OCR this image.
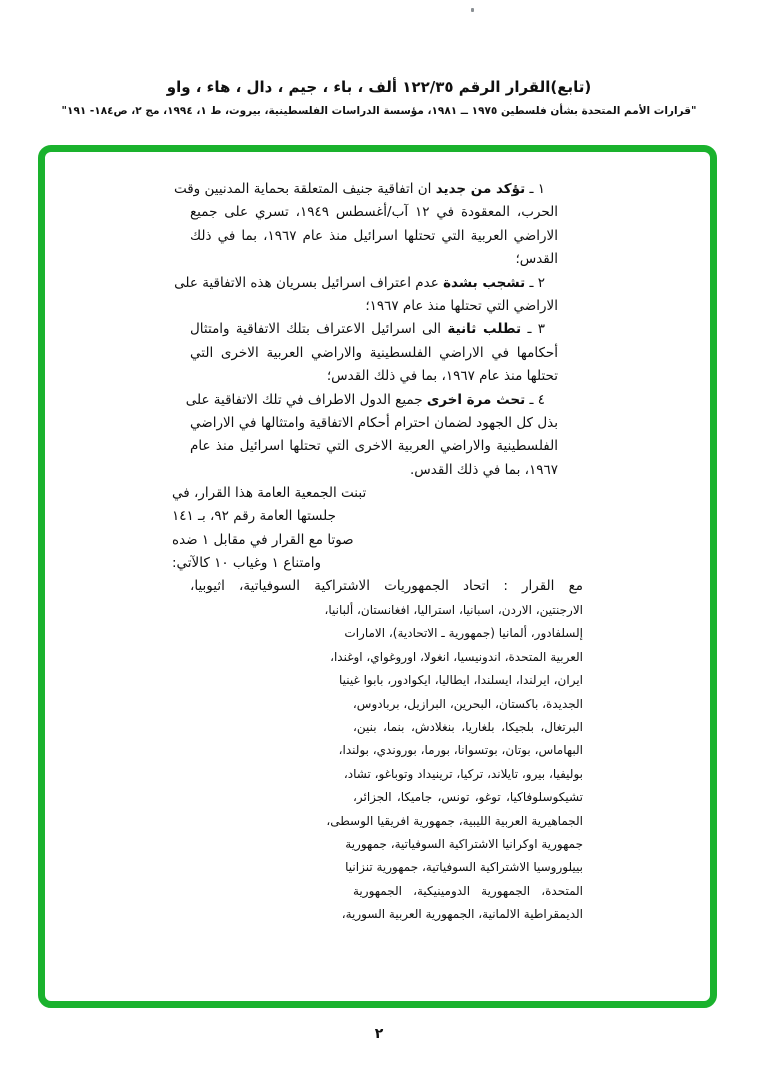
(تابع)القرار الرقم ١٢٢/٣٥ ألف ، باء ، جيم ، دال ، هاء ، واو
"قرارات الأمم المتحدة بشأن فلسطين ١٩٧٥ ــ ١٩٨١، مؤسسة الدراسات الفلسطينية، بيروت، ط ١، ١٩٩٤، مج ٢، ص١٨٤- ١٩١"
١ ـ تؤكد من جديد ان اتفاقية جنيف المتعلقة بحماية المدنيين وقت
الحرب، المعقودة في ١٢ آب/أغسطس ١٩٤٩، تسري على جميع
الاراضي العربية التي تحتلها اسرائيل منذ عام ١٩٦٧، بما في ذلك
القدس؛
٢ ـ تشجب بشدة عدم اعتراف اسرائيل بسريان هذه الاتفاقية على
الاراضي التي تحتلها منذ عام ١٩٦٧؛
٣ ـ تطلب ثانية الى اسرائيل الاعتراف بتلك الاتفاقية وامتثال
أحكامها في الاراضي الفلسطينية والاراضي العربية الاخرى التي
تحتلها منذ عام ١٩٦٧، بما في ذلك القدس؛
٤ ـ تحث مرة اخرى جميع الدول الاطراف في تلك الاتفاقية على
بذل كل الجهود لضمان احترام أحكام الاتفاقية وامتثالها في الاراضي
الفلسطينية والاراضي العربية الاخرى التي تحتلها اسرائيل منذ عام
١٩٦٧، بما في ذلك القدس.
تبنت الجمعية العامة هذا القرار، في
جلستها العامة رقم ٩٢، بـ ١٤١
صوتا مع القرار في مقابل ١ ضده
وامتناع ١ وغياب ١٠ كالآتي:
مع القرار:اتحاد الجمهوريات الاشتراكية السوفياتية، اثيوبيا،
الارجنتين، الاردن، اسبانيا، استراليا، افغانستان، ألبانيا،
إلسلفادور، ألمانيا (جمهورية ـ الاتحادية)، الامارات
العربية المتحدة، اندونيسيا، انغولا، اوروغواي، اوغندا،
ايران، ايرلندا، ايسلندا، ايطاليا، ايكوادور، بابوا غينيا
الجديدة، باكستان، البحرين، البرازيل، بربادوس،
البرتغال، بلجيكا، بلغاريا، بنغلادش، بنما، بنين،
البهاماس، بوتان، بوتسوانا، بورما، بوروندي، بولندا،
بوليفيا، بيرو، تايلاند، تركيا، ترينيداد وتوباغو، تشاد،
تشيكوسلوفاكيا، توغو، تونس، جاميكا، الجزائر،
الجماهيرية العربية الليبية، جمهورية افريقيا الوسطى،
جمهورية اوكرانيا الاشتراكية السوفياتية، جمهورية
بييلوروسيا الاشتراكية السوفياتية، جمهورية تنزانيا
المتحدة، الجمهورية الدومينيكية، الجمهورية
الديمقراطية الالمانية، الجمهورية العربية السورية،
٢
